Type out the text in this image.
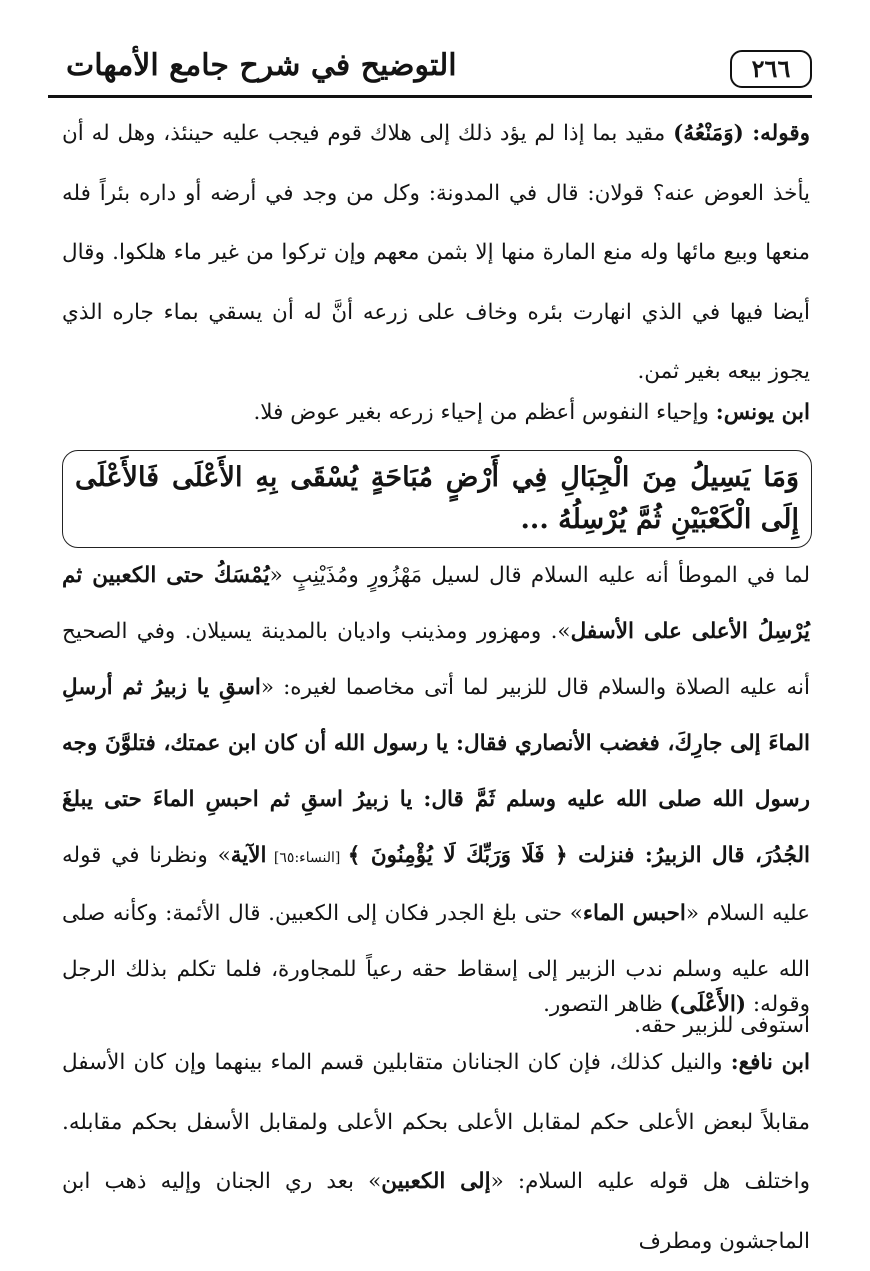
٢٦٦
التوضيح في شرح جامع الأمهات

وقوله: (وَمَنْعُهُ) مقيد بما إذا لم يؤد ذلك إلى هلاك قوم فيجب عليه حينئذ، وهل له أن يأخذ العوض عنه؟ قولان: قال في المدونة: وكل من وجد في أرضه أو داره بئراً فله منعها وبيع مائها وله منع المارة منها إلا بثمن معهم وإن تركوا من غير ماء هلكوا. وقال أيضا فيها في الذي انهارت بئره وخاف على زرعه أنَّ له أن يسقي بماء جاره الذي يجوز بيعه بغير ثمن.

ابن يونس: وإحياء النفوس أعظم من إحياء زرعه بغير عوض فلا.

وَمَا يَسِيلُ مِنَ الْجِبَالِ فِي أَرْضٍ مُبَاحَةٍ يُسْقَى بِهِ الأَعْلَى فَالأَعْلَى إِلَى الْكَعْبَيْنِ ثُمَّ يُرْسِلُهُ ...

لما في الموطأ أنه عليه السلام قال لسيل مَهْزُورٍ ومُذَيْنِبٍ «يُمْسَكُ حتى الكعبين ثم يُرْسِلُ الأعلى على الأسفل». ومهزور ومذينب واديان بالمدينة يسيلان. وفي الصحيح أنه عليه الصلاة والسلام قال للزبير لما أتى مخاصما لغيره: «اسقِ يا زبيرُ ثم أرسلِ الماءَ إلى جارِكَ، فغضب الأنصاري فقال: يا رسول الله أن كان ابن عمتك، فتلوَّنَ وجه رسول الله صلى الله عليه وسلم ثَمَّ قال: يا زبيرُ اسقِ ثم احبسِ الماءَ حتى يبلغَ الجُدُرَ، قال الزبيرُ: فنزلت ﴿ فَلَا وَرَبِّكَ لَا يُؤْمِنُونَ ﴾ [النساء:٦٥] الآية» ونظرنا في قوله عليه السلام «احبس الماء» حتى بلغ الجدر فكان إلى الكعبين. قال الأئمة: وكأنه صلى الله عليه وسلم ندب الزبير إلى إسقاط حقه رعياً للمجاورة، فلما تكلم بذلك الرجل استوفى للزبير حقه.

وقوله: (الأَعْلَى) ظاهر التصور.

ابن نافع: والنيل كذلك، فإن كان الجنانان متقابلين قسم الماء بينهما وإن كان الأسفل مقابلاً لبعض الأعلى حكم لمقابل الأعلى بحكم الأعلى ولمقابل الأسفل بحكم مقابله. واختلف هل قوله عليه السلام: «إلى الكعبين» بعد ري الجنان وإليه ذهب ابن الماجشون ومطرف
